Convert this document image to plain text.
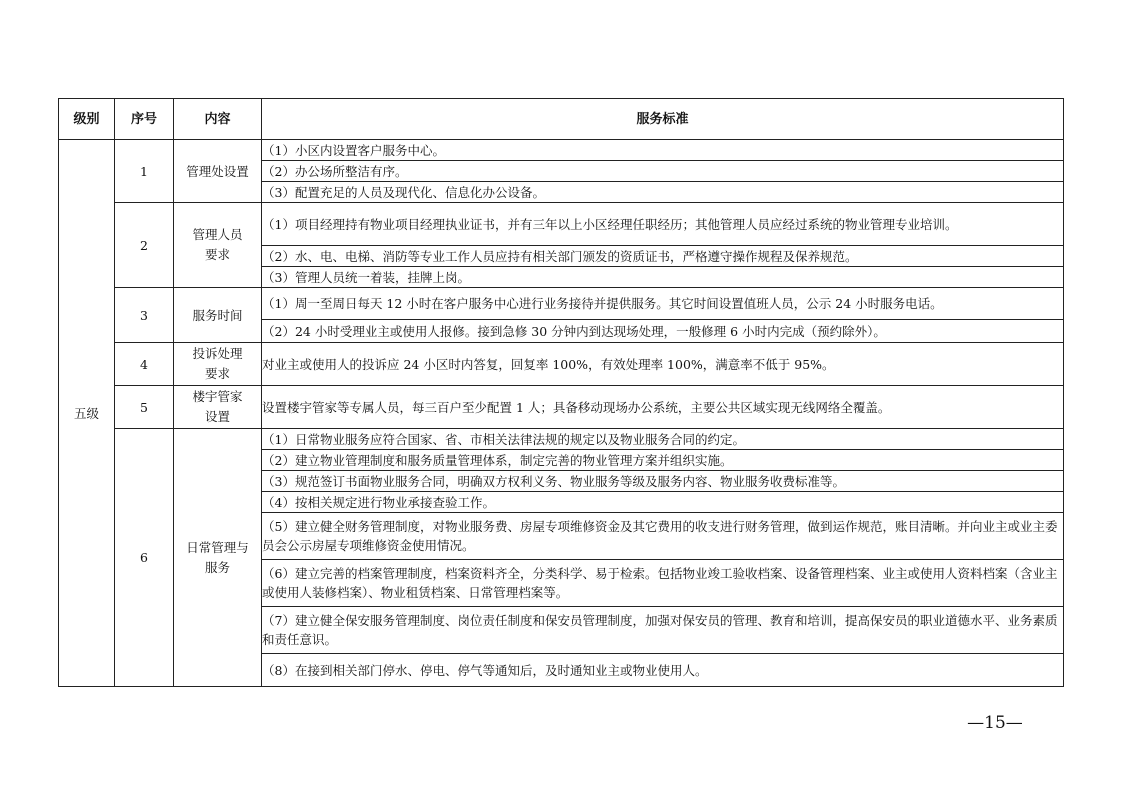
级别	序号	内容	服务标准
五级	1	管理处设置	（1）小区内设置客户服务中心。
			（2）办公场所整洁有序。
			（3）配置充足的人员及现代化、信息化办公设备。
	2	管理人员要求	（1）项目经理持有物业项目经理执业证书，并有三年以上小区经理任职经历；其他管理人员应经过系统的物业管理专业培训。
			（2）水、电、电梯、消防等专业工作人员应持有相关部门颁发的资质证书，严格遵守操作规程及保养规范。
			（3）管理人员统一着装，挂牌上岗。
	3	服务时间	（1）周一至周日每天 12 小时在客户服务中心进行业务接待并提供服务。其它时间设置值班人员，公示 24 小时服务电话。
			（2）24 小时受理业主或使用人报修。接到急修 30 分钟内到达现场处理，一般修理 6 小时内完成（预约除外）。
	4	投诉处理要求	对业主或使用人的投诉应 24 小区时内答复，回复率 100%，有效处理率 100%，满意率不低于 95%。
	5	楼宇管家设置	设置楼宇管家等专属人员，每三百户至少配置 1 人；具备移动现场办公系统，主要公共区域实现无线网络全覆盖。
	6	日常管理与服务	（1）日常物业服务应符合国家、省、市相关法律法规的规定以及物业服务合同的约定。
			（2）建立物业管理制度和服务质量管理体系，制定完善的物业管理方案并组织实施。
			（3）规范签订书面物业服务合同，明确双方权利义务、物业服务等级及服务内容、物业服务收费标准等。
			（4）按相关规定进行物业承接查验工作。
			（5）建立健全财务管理制度，对物业服务费、房屋专项维修资金及其它费用的收支进行财务管理，做到运作规范，账目清晰。并向业主或业主委员会公示房屋专项维修资金使用情况。
			（6）建立完善的档案管理制度，档案资料齐全，分类科学、易于检索。包括物业竣工验收档案、设备管理档案、业主或使用人资料档案（含业主或使用人装修档案）、物业租赁档案、日常管理档案等。
			（7）建立健全保安服务管理制度、岗位责任制度和保安员管理制度，加强对保安员的管理、教育和培训，提高保安员的职业道德水平、业务素质和责任意识。
			（8）在接到相关部门停水、停电、停气等通知后，及时通知业主或物业使用人。
—15—
